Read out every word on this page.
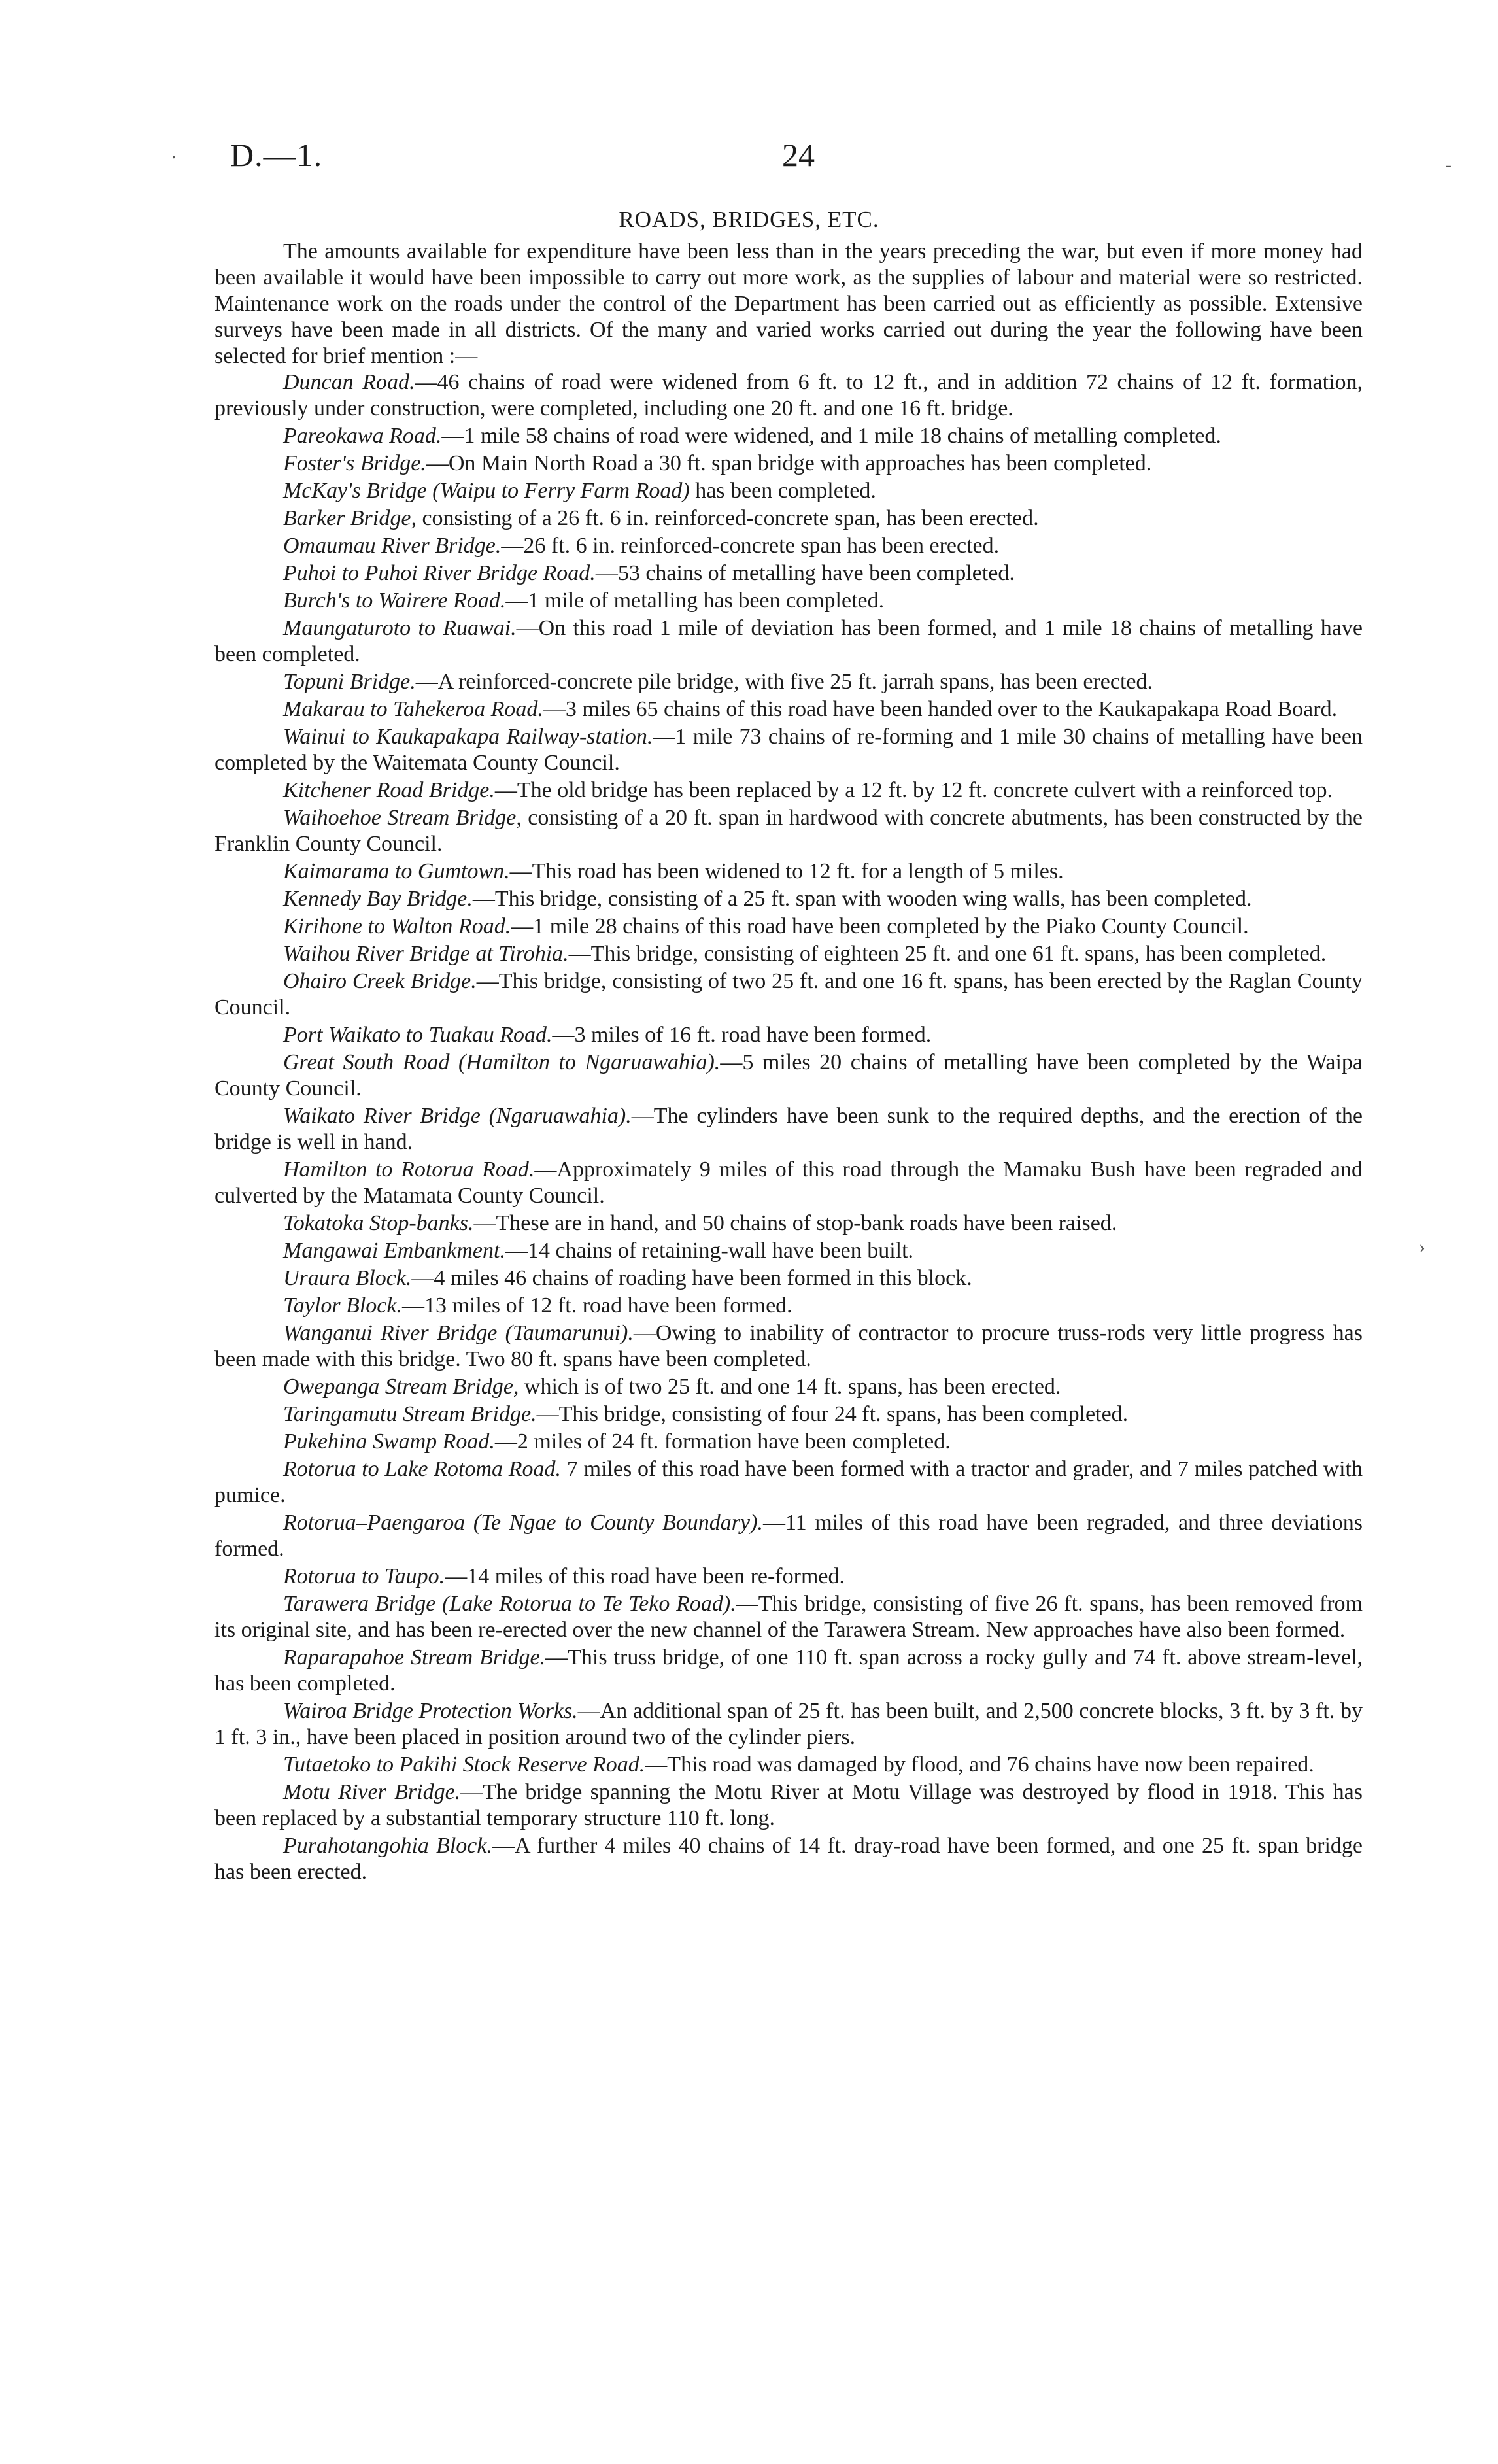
.
-
›
D.—1.	24
ROADS, BRIDGES, ETC.

The amounts available for expenditure have been less than in the years preceding the war, but even if more money had been available it would have been impossible to carry out more work, as the supplies of labour and material were so restricted. Maintenance work on the roads under the control of the Department has been carried out as efficiently as possible. Extensive surveys have been made in all districts. Of the many and varied works carried out during the year the following have been selected for brief mention :—

Duncan Road.—46 chains of road were widened from 6 ft. to 12 ft., and in addition 72 chains of 12 ft. formation, previously under construction, were completed, including one 20 ft. and one 16 ft. bridge.

Pareokawa Road.—1 mile 58 chains of road were widened, and 1 mile 18 chains of metalling completed.

Foster's Bridge.—On Main North Road a 30 ft. span bridge with approaches has been completed.

McKay's Bridge (Waipu to Ferry Farm Road) has been completed.

Barker Bridge, consisting of a 26 ft. 6 in. reinforced-concrete span, has been erected.

Omaumau River Bridge.—26 ft. 6 in. reinforced-concrete span has been erected.

Puhoi to Puhoi River Bridge Road.—53 chains of metalling have been completed.

Burch's to Wairere Road.—1 mile of metalling has been completed.

Maungaturoto to Ruawai.—On this road 1 mile of deviation has been formed, and 1 mile 18 chains of metalling have been completed.

Topuni Bridge.—A reinforced-concrete pile bridge, with five 25 ft. jarrah spans, has been erected.

Makarau to Tahekeroa Road.—3 miles 65 chains of this road have been handed over to the Kaukapakapa Road Board.

Wainui to Kaukapakapa Railway-station.—1 mile 73 chains of re-forming and 1 mile 30 chains of metalling have been completed by the Waitemata County Council.

Kitchener Road Bridge.—The old bridge has been replaced by a 12 ft. by 12 ft. concrete culvert with a reinforced top.

Waihoehoe Stream Bridge, consisting of a 20 ft. span in hardwood with concrete abutments, has been constructed by the Franklin County Council.

Kaimarama to Gumtown.—This road has been widened to 12 ft. for a length of 5 miles.

Kennedy Bay Bridge.—This bridge, consisting of a 25 ft. span with wooden wing walls, has been completed.

Kirihone to Walton Road.—1 mile 28 chains of this road have been completed by the Piako County Council.

Waihou River Bridge at Tirohia.—This bridge, consisting of eighteen 25 ft. and one 61 ft. spans, has been completed.

Ohairo Creek Bridge.—This bridge, consisting of two 25 ft. and one 16 ft. spans, has been erected by the Raglan County Council.

Port Waikato to Tuakau Road.—3 miles of 16 ft. road have been formed.

Great South Road (Hamilton to Ngaruawahia).—5 miles 20 chains of metalling have been completed by the Waipa County Council.

Waikato River Bridge (Ngaruawahia).—The cylinders have been sunk to the required depths, and the erection of the bridge is well in hand.

Hamilton to Rotorua Road.—Approximately 9 miles of this road through the Mamaku Bush have been regraded and culverted by the Matamata County Council.

Tokatoka Stop-banks.—These are in hand, and 50 chains of stop-bank roads have been raised.

Mangawai Embankment.—14 chains of retaining-wall have been built.

Uraura Block.—4 miles 46 chains of roading have been formed in this block.

Taylor Block.—13 miles of 12 ft. road have been formed.

Wanganui River Bridge (Taumarunui).—Owing to inability of contractor to procure truss-rods very little progress has been made with this bridge. Two 80 ft. spans have been completed.

Owepanga Stream Bridge, which is of two 25 ft. and one 14 ft. spans, has been erected.

Taringamutu Stream Bridge.—This bridge, consisting of four 24 ft. spans, has been completed.

Pukehina Swamp Road.—2 miles of 24 ft. formation have been completed.

Rotorua to Lake Rotoma Road. 7 miles of this road have been formed with a tractor and grader, and 7 miles patched with pumice.

Rotorua–Paengaroa (Te Ngae to County Boundary).—11 miles of this road have been regraded, and three deviations formed.

Rotorua to Taupo.—14 miles of this road have been re-formed.

Tarawera Bridge (Lake Rotorua to Te Teko Road).—This bridge, consisting of five 26 ft. spans, has been removed from its original site, and has been re-erected over the new channel of the Tarawera Stream. New approaches have also been formed.

Raparapahoe Stream Bridge.—This truss bridge, of one 110 ft. span across a rocky gully and 74 ft. above stream-level, has been completed.

Wairoa Bridge Protection Works.—An additional span of 25 ft. has been built, and 2,500 concrete blocks, 3 ft. by 3 ft. by 1 ft. 3 in., have been placed in position around two of the cylinder piers.

Tutaetoko to Pakihi Stock Reserve Road.—This road was damaged by flood, and 76 chains have now been repaired.

Motu River Bridge.—The bridge spanning the Motu River at Motu Village was destroyed by flood in 1918. This has been replaced by a substantial temporary structure 110 ft. long.

Purahotangohia Block.—A further 4 miles 40 chains of 14 ft. dray-road have been formed, and one 25 ft. span bridge has been erected.
